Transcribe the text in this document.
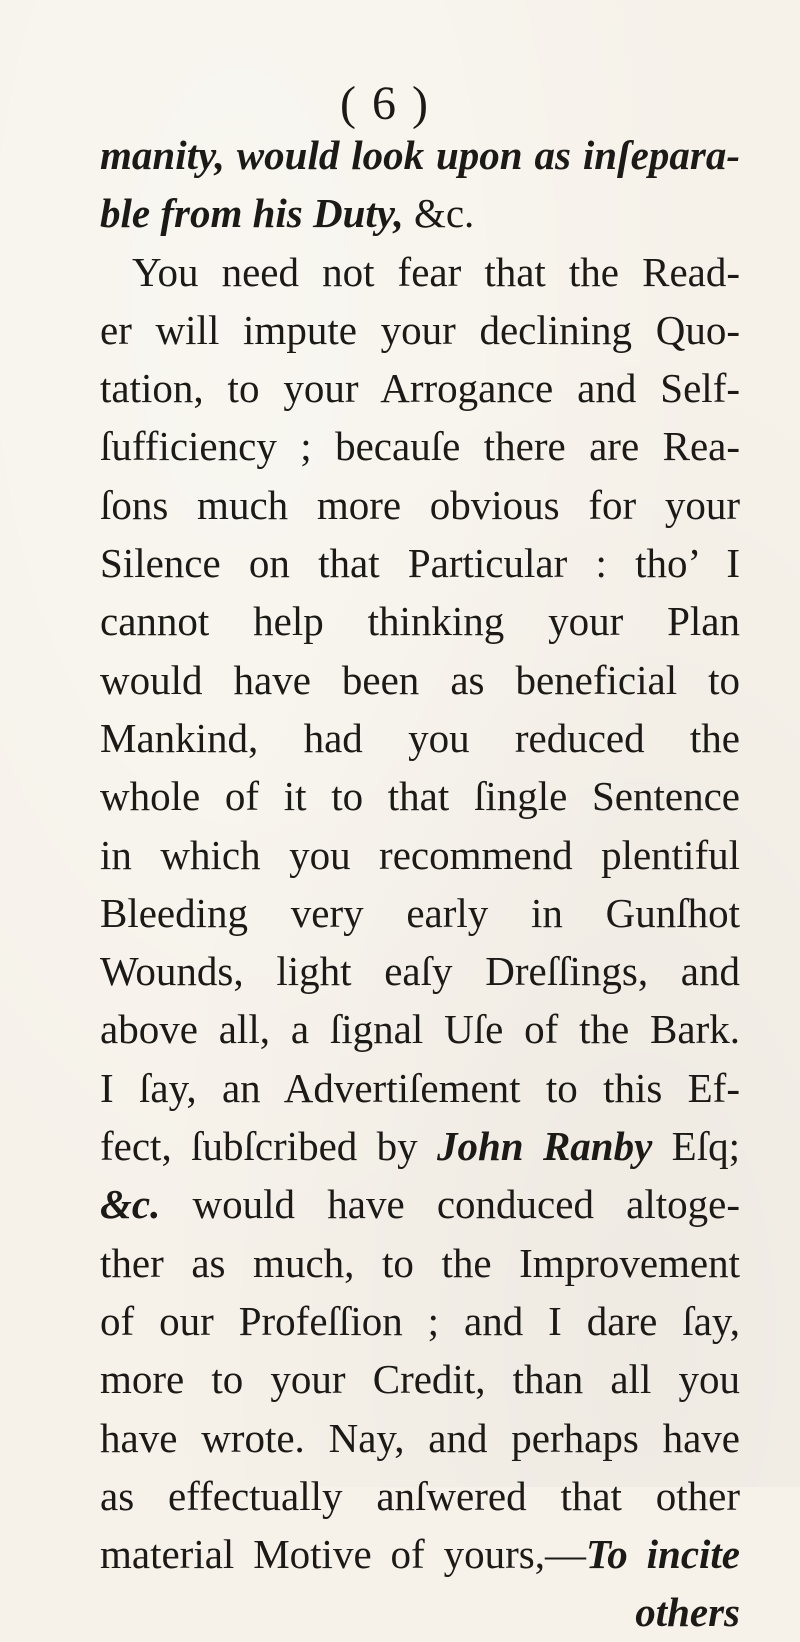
( 6 )
manity, would look upon as inſepara-
ble from his Duty, &c.
You need not fear that the Read-
er will impute your declining Quo-
tation, to your Arrogance and Self-
ſufficiency ; becauſe there are Rea-
ſons much more obvious for your
Silence on that Particular : tho’ I
cannot help thinking your Plan
would have been as beneficial to
Mankind, had you reduced the
whole of it to that ſingle Sentence
in which you recommend plentiful
Bleeding very early in Gunſhot
Wounds, light eaſy Dreſſings, and
above all, a ſignal Uſe of the Bark.
I ſay, an Advertiſement to this Ef-
fect, ſubſcribed by John Ranby Eſq;
&c. would have conduced altoge-
ther as much, to the Improvement
of our Profeſſion ; and I dare ſay,
more to your Credit, than all you
have wrote. Nay, and perhaps have
as effectually anſwered that other
material Motive of yours,—To incite
others
